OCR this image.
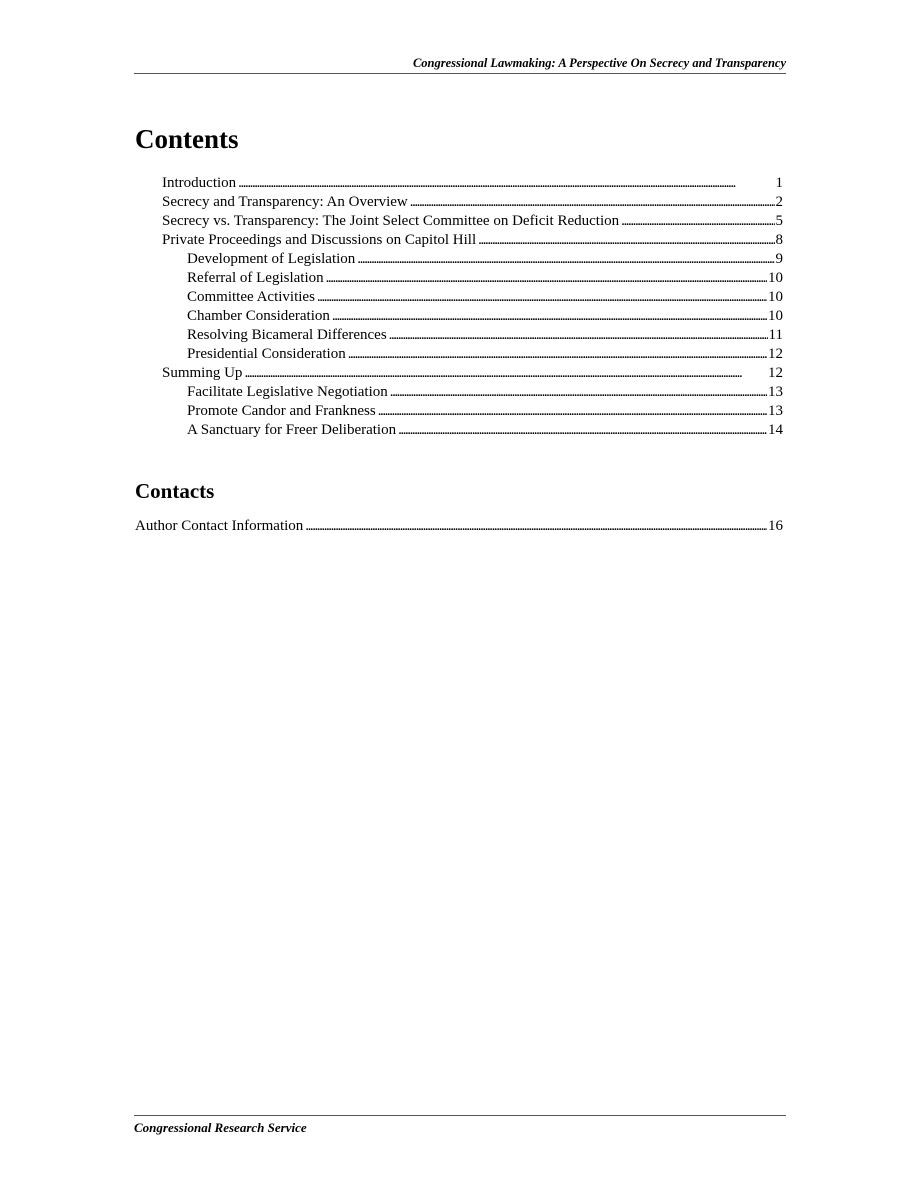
Congressional Lawmaking: A Perspective On Secrecy and Transparency
Contents
Introduction . . .	1
Secrecy and Transparency: An Overview . . .	2
Secrecy vs. Transparency: The Joint Select Committee on Deficit Reduction . . .	5
Private Proceedings and Discussions on Capitol Hill . . .	8
Development of Legislation . . .	9
Referral of Legislation . . .	10
Committee Activities . . .	10
Chamber Consideration . . .	10
Resolving Bicameral Differences . . .	11
Presidential Consideration . . .	12
Summing Up . . .	12
Facilitate Legislative Negotiation . . .	13
Promote Candor and Frankness . . .	13
A Sanctuary for Freer Deliberation . . .	14
Contacts
Author Contact Information . . .	16
Congressional Research Service
